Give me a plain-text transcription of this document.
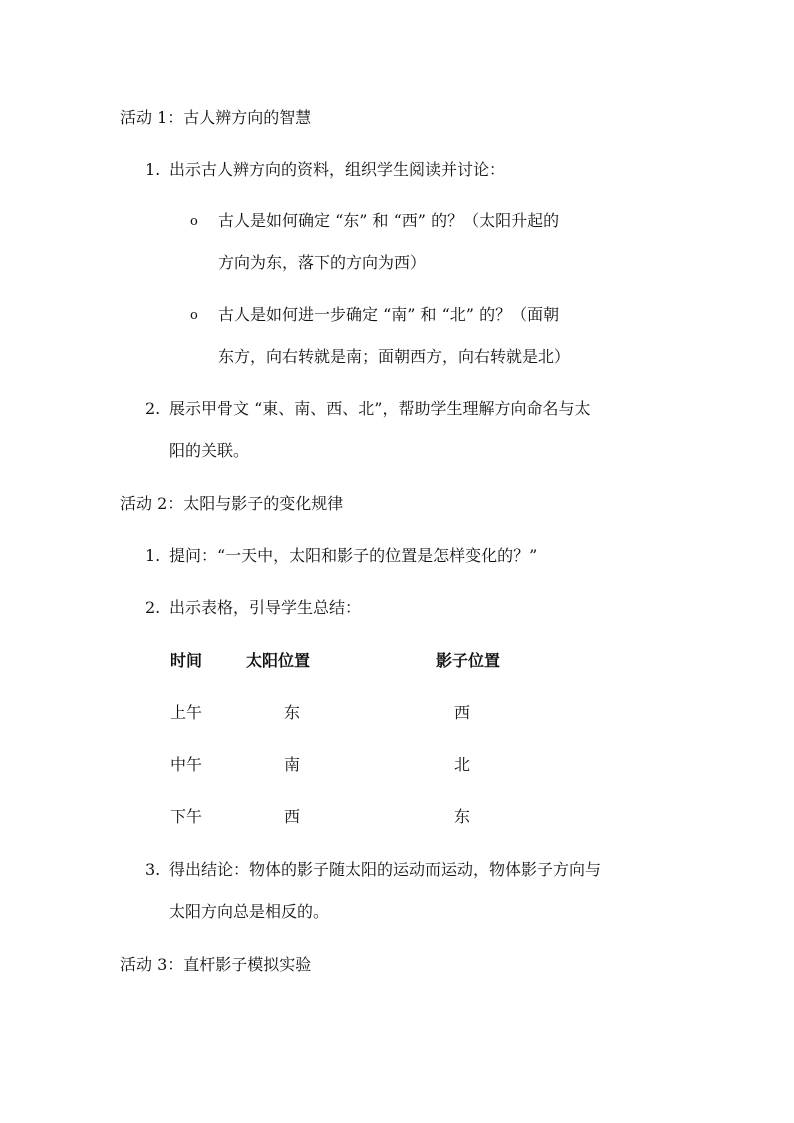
活动 1：古人辨方向的智慧
1. 出示古人辨方向的资料，组织学生阅读并讨论：
o 古人是如何确定 “东” 和 “西” 的？（太阳升起的
方向为东，落下的方向为西）
o 古人是如何进一步确定 “南” 和 “北” 的？（面朝
东方，向右转就是南；面朝西方，向右转就是北）
2. 展示甲骨文 “東、南、西、北”，帮助学生理解方向命名与太
阳的关联。
活动 2：太阳与影子的变化规律
1. 提问：“一天中，太阳和影子的位置是怎样变化的？”
2. 出示表格，引导学生总结：
时间	太阳位置	影子位置
上午	东	西
中午	南	北
下午	西	东
3. 得出结论：物体的影子随太阳的运动而运动，物体影子方向与
太阳方向总是相反的。
活动 3：直杆影子模拟实验
